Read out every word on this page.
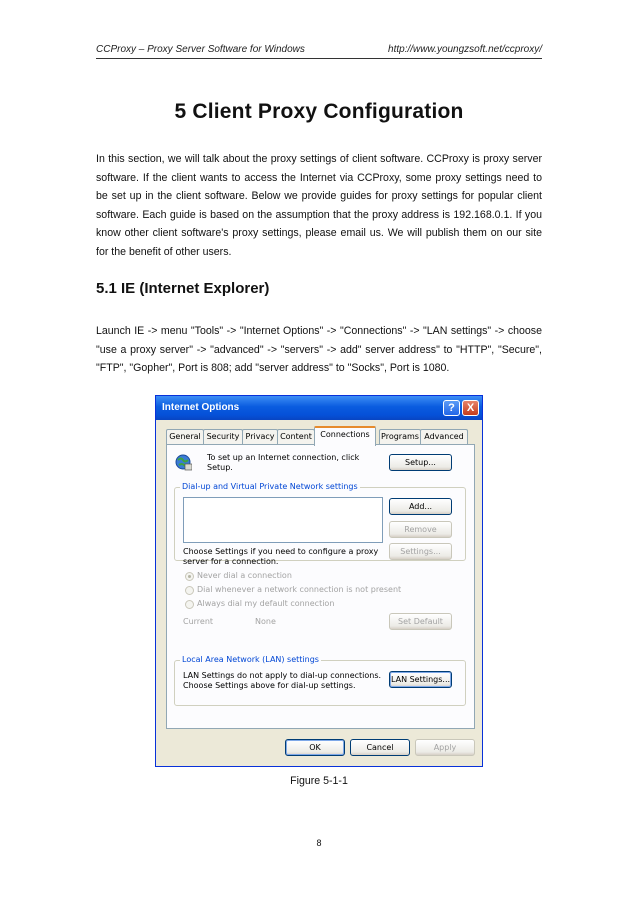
CCProxy – Proxy Server Software for Windows	http://www.youngzsoft.net/ccproxy/
5 Client Proxy Configuration
In this section, we will talk about the proxy settings of client software. CCProxy is proxy server software. If the client wants to access the Internet via CCProxy, some proxy settings need to be set up in the client software. Below we provide guides for proxy settings for popular client software. Each guide is based on the assumption that the proxy address is 192.168.0.1. If you know other client software's proxy settings, please email us. We will publish them on our site for the benefit of other users.
5.1 IE (Internet Explorer)
Launch IE -> menu "Tools" -> "Internet Options" -> "Connections" -> "LAN settings" -> choose "use a proxy server" -> "advanced" -> "servers" -> add" server address" to "HTTP", "Secure", "FTP", "Gopher", Port is 808; add "server address" to "Socks", Port is 1080.
Internet Options	?	X
General Security Privacy Content	Connections	Programs Advanced
To set up an Internet connection, click
Setup.
Setup...
Dial-up and Virtual Private Network settings
Add...
Remove
Choose Settings if you need to configure a proxy
server for a connection.
Settings...
Never dial a connection
Dial whenever a network connection is not present
Always dial my default connection
Current	None	Set Default
Local Area Network (LAN) settings
LAN Settings do not apply to dial-up connections.
Choose Settings above for dial-up settings.
LAN Settings...
OK	Cancel	Apply
Figure 5-1-1
8
